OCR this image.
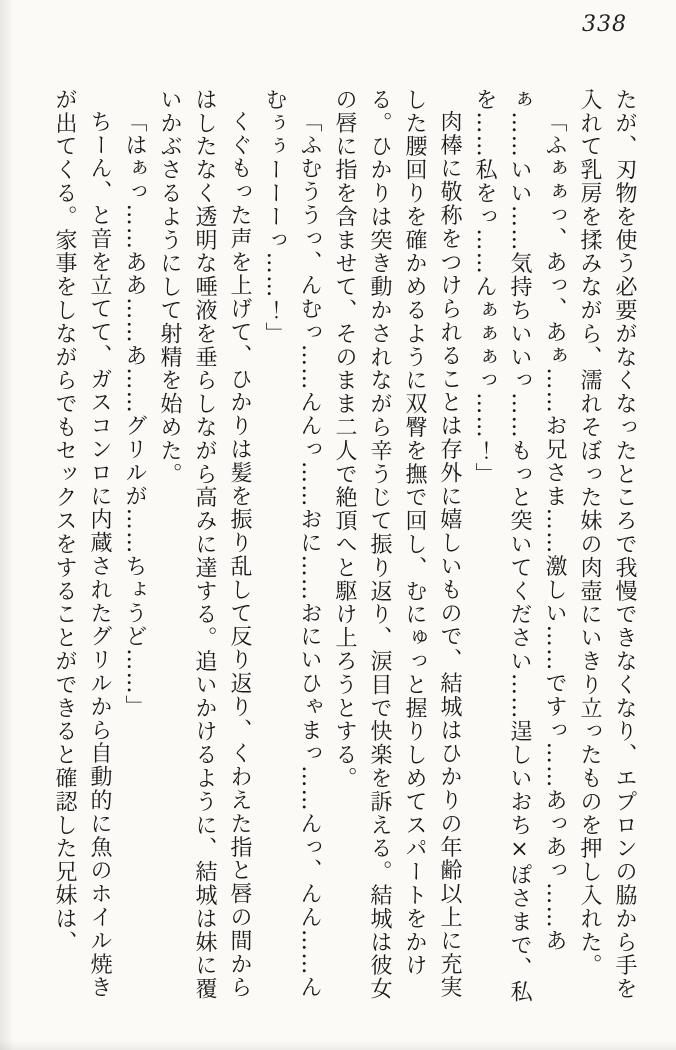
338

たが、刃物を使う必要がなくなったところで我慢できなくなり、エプロンの脇から手を入れて乳房を揉みながら、濡れそぼった妹の肉壺にいきり立ったものを押し入れた。

「ふぁぁっ、あっ、あぁ……お兄さま……激しい……ですっ……あっあっ……あぁ……いい……気持ちいいっ……もっと突いてください……逞しいおち×ぽさまで、私を……私をっ……んぁぁぁっ……！」

肉棒に敬称をつけられることは存外に嬉しいもので、結城はひかりの年齢以上に充実した腰回りを確かめるように双臀を撫で回し、むにゅっと握りしめてスパートをかける。ひかりは突き動かされながら辛うじて振り返り、涙目で快楽を訴える。結城は彼女の唇に指を含ませて、そのまま二人で絶頂へと駆け上ろうとする。

「ふむううっ、んむっ……んんっ……おに……おにいひゃまっ……んっ、んん……んむぅぅーーーっ……！」

くぐもった声を上げて、ひかりは髪を振り乱して反り返り、くわえた指と唇の間からはしたなく透明な唾液を垂らしながら高みに達する。追いかけるように、結城は妹に覆いかぶさるようにして射精を始めた。

「はぁっ……ああ……あ……グリルが……ちょうど……」

ちーん、と音を立てて、ガスコンロに内蔵されたグリルから自動的に魚のホイル焼きが出てくる。家事をしながらでもセックスをすることができると確認した兄妹は、
